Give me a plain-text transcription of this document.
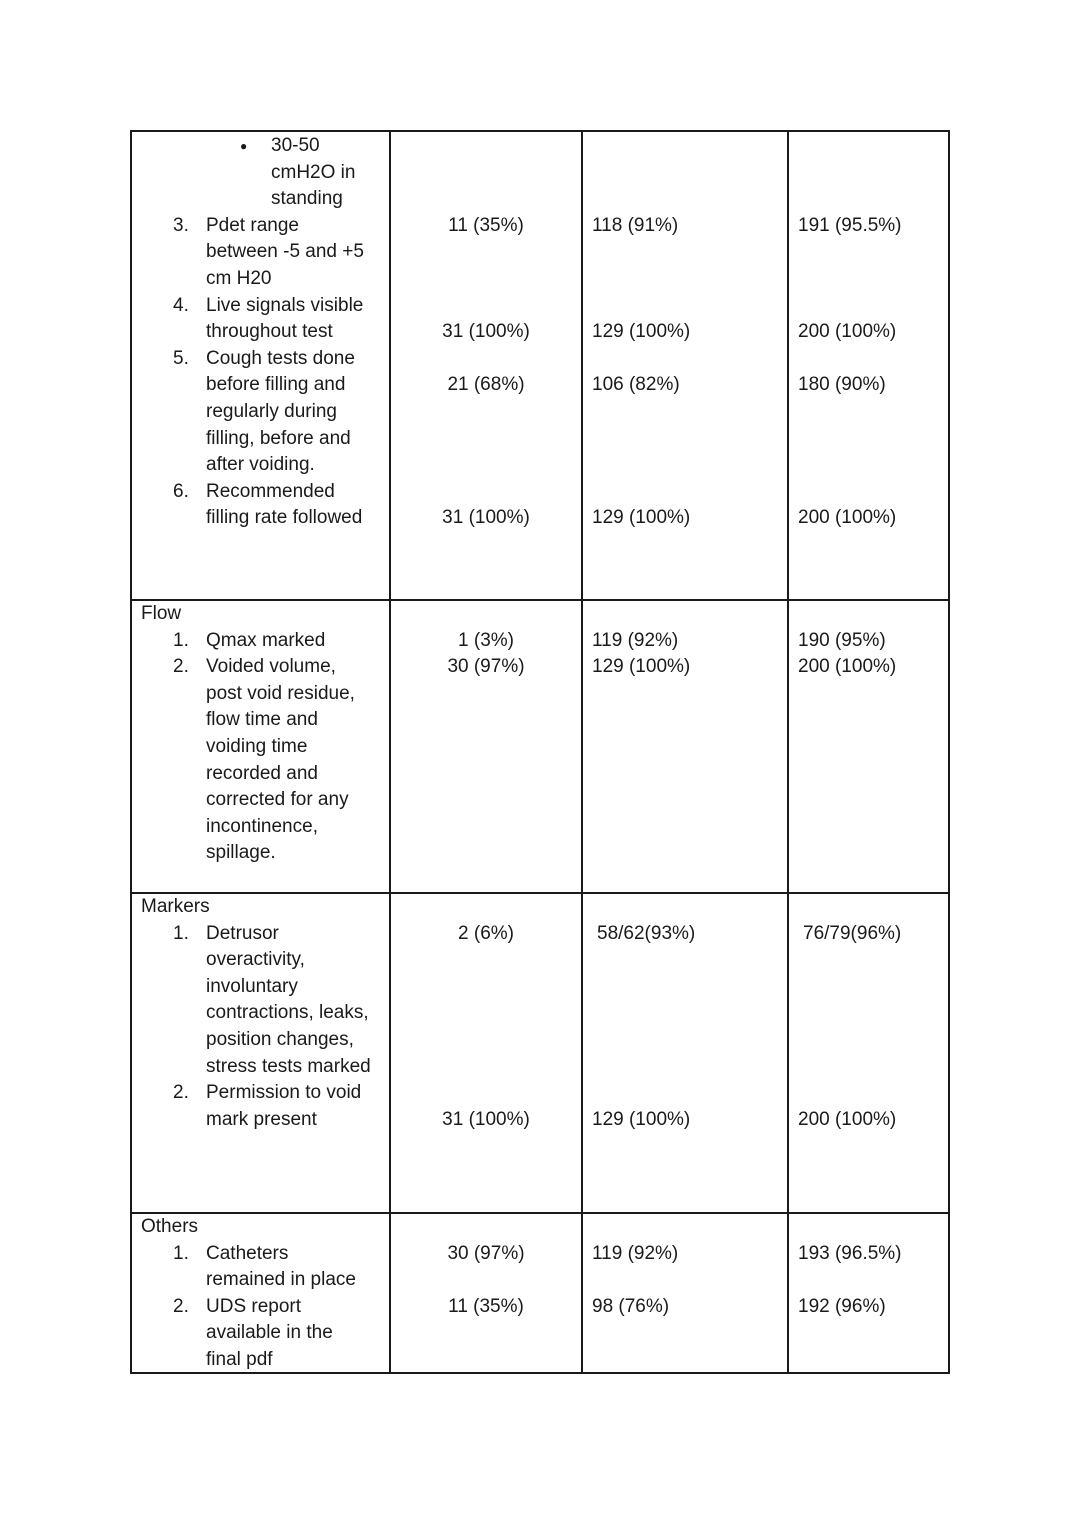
● 30-50
cmH2O in
standing
3. Pdet range
between -5 and +5
cm H20
11 (35%)	118 (91%)	191 (95.5%)
4. Live signals visible
throughout test	31 (100%)	129 (100%)	200 (100%)
5. Cough tests done
before filling and
regularly during
filling, before and
after voiding.
21 (68%)	106 (82%)	180 (90%)
6. Recommended
filling rate followed	31 (100%)	129 (100%)	200 (100%)
Flow
1. Qmax marked	1 (3%)	119 (92%)	190 (95%)
2. Voided volume,
post void residue,
flow time and
voiding time
recorded and
corrected for any
incontinence,
spillage.
30 (97%)	129 (100%)	200 (100%)
Markers
1. Detrusor
overactivity,
involuntary
contractions, leaks,
position changes,
stress tests marked
2 (6%)	58/62(93%)	76/79(96%)
2. Permission to void
mark present	31 (100%)	129 (100%)	200 (100%)
Others
1. Catheters
remained in place
30 (97%)	119 (92%)	193 (96.5%)
2. UDS report
available in the
final pdf
11 (35%)	98 (76%)	192 (96%)
